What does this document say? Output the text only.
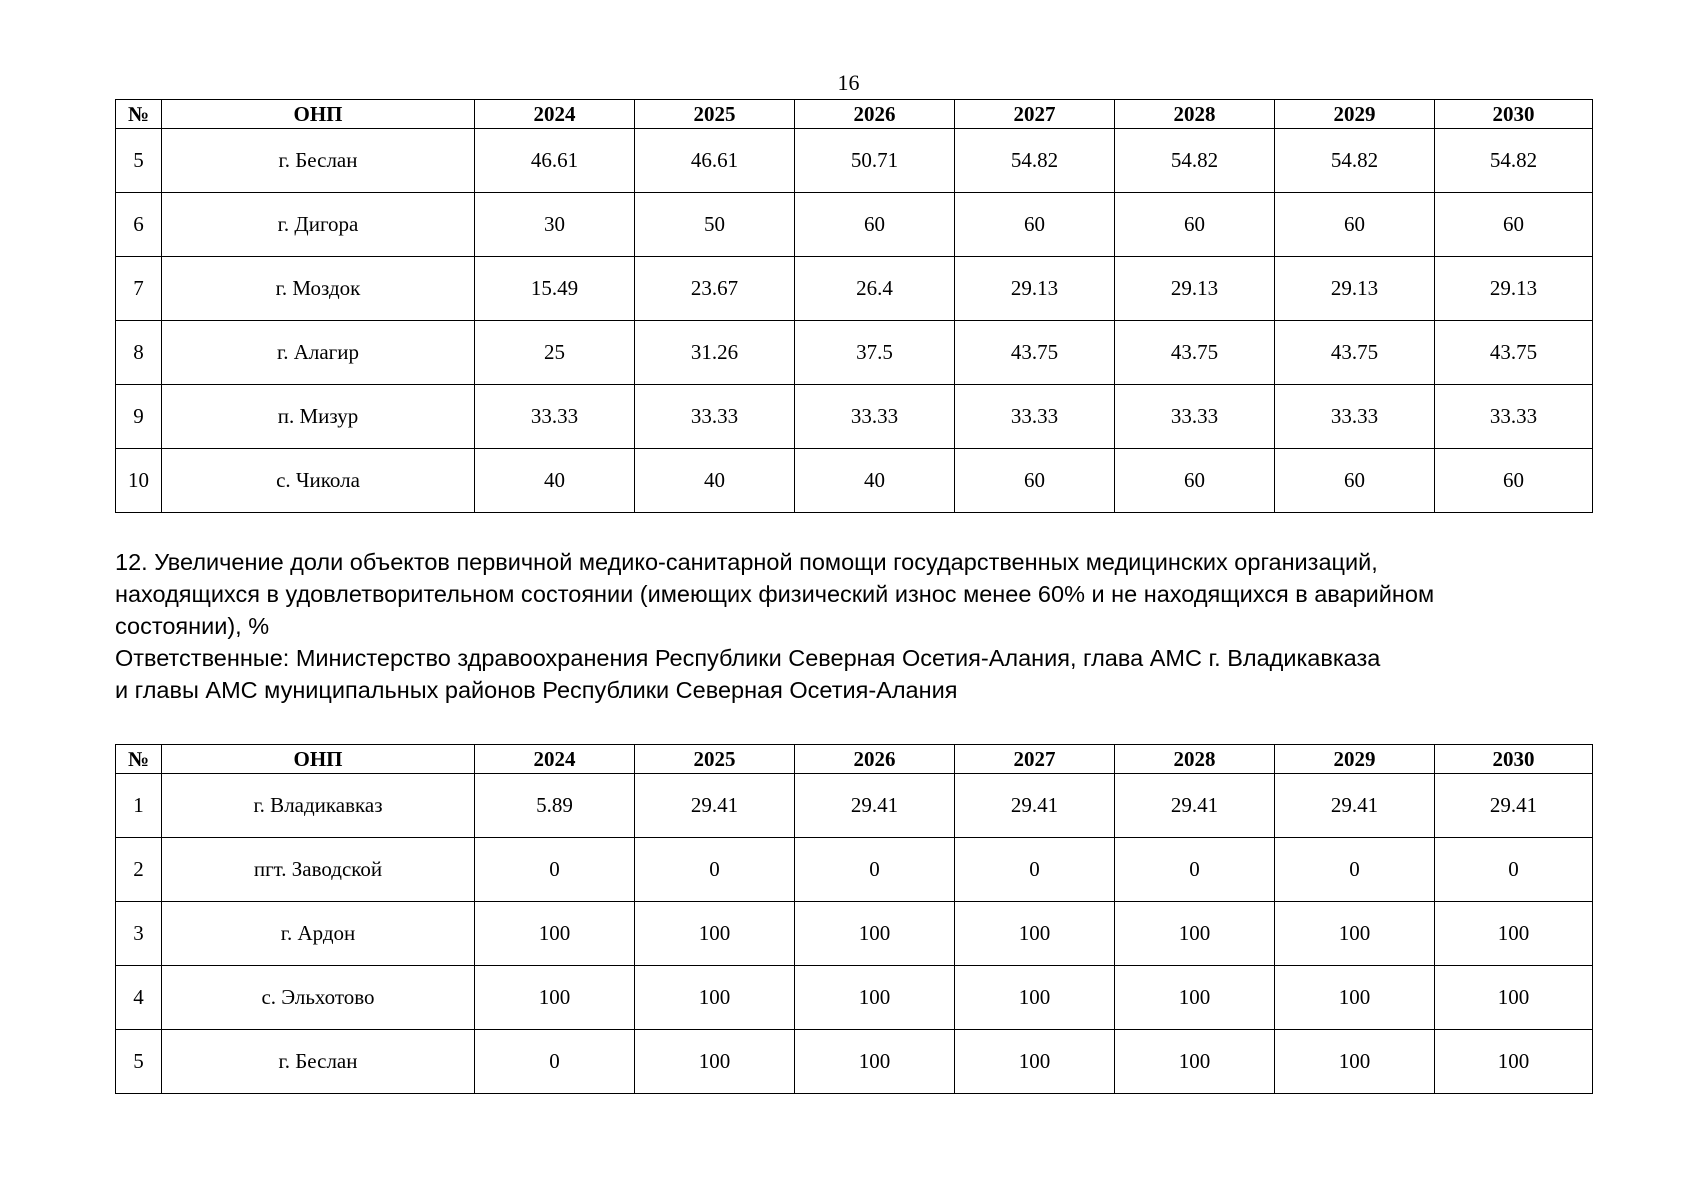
16
№	ОНП	2024	2025	2026	2027	2028	2029	2030
5	г. Беслан	46.61	46.61	50.71	54.82	54.82	54.82	54.82
6	г. Дигора	30	50	60	60	60	60	60
7	г. Моздок	15.49	23.67	26.4	29.13	29.13	29.13	29.13
8	г. Алагир	25	31.26	37.5	43.75	43.75	43.75	43.75
9	п. Мизур	33.33	33.33	33.33	33.33	33.33	33.33	33.33
10	с. Чикола	40	40	40	60	60	60	60

12. Увеличение доли объектов первичной медико-санитарной помощи государственных медицинских организаций,

находящихся в удовлетворительном состоянии (имеющих физический износ менее 60% и не находящихся в аварийном

состоянии), %

Ответственные: Министерство здравоохранения Республики Северная Осетия-Алания, глава АМС г. Владикавказа

и главы АМС муниципальных районов Республики Северная Осетия-Алания

№	ОНП	2024	2025	2026	2027	2028	2029	2030
1	г. Владикавказ	5.89	29.41	29.41	29.41	29.41	29.41	29.41
2	пгт. Заводской	0	0	0	0	0	0	0
3	г. Ардон	100	100	100	100	100	100	100
4	с. Эльхотово	100	100	100	100	100	100	100
5	г. Беслан	0	100	100	100	100	100	100
